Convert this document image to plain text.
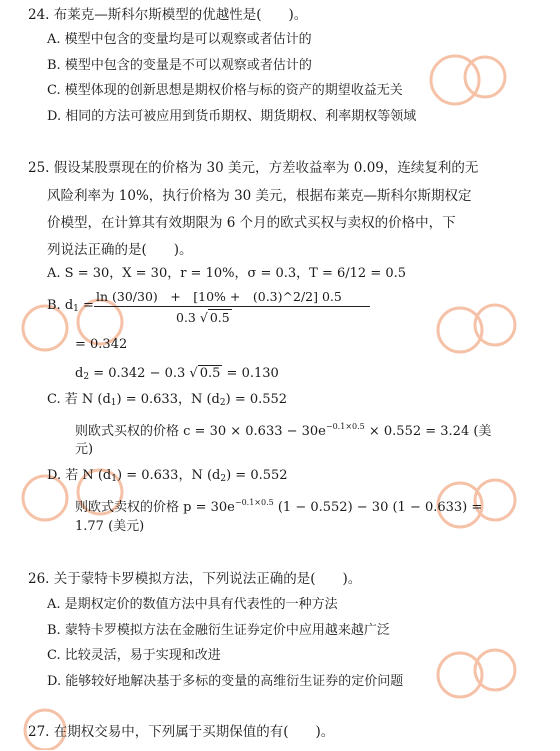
24. 布莱克—斯科尔斯模型的优越性是(　　)。
A. 模型中包含的变量均是可以观察或者估计的
B. 模型中包含的变量是不可以观察或者估计的
C. 模型体现的创新思想是期权价格与标的资产的期望收益无关
D. 相同的方法可被应用到货币期权、期货期权、利率期权等领域
25. 假设某股票现在的价格为 30 美元，方差收益率为 0.09，连续复利的无
风险利率为 10%，执行价格为 30 美元，根据布莱克—斯科尔斯期权定
价模型，在计算其有效期限为 6 个月的欧式买权与卖权的价格中，下
列说法正确的是(　　)。
A. S = 30，X = 30，r = 10%，σ = 0.3，T = 6/12 = 0.5
B. $d_1$ =
ln (30/30)　+　[10% +　(0.3)^2/2] 0.5
0.3 √ 0.5
= 0.342
$d_2 = 0.342 - 0.3$ √ 0.5 = 0.130
C. 若 N $(d_1) = 0.633$，N $(d_2) = 0.552$
则欧式买权的价格 $c = 30 \times 0.633 - 30e^{-0.1\times 0.5} \times 0.552 = 3.24$ (美
元)
D. 若 N $(d_1) = 0.633$，N $(d_2) = 0.552$
则欧式卖权的价格 $p = 30e^{-0.1\times 0.5}$ (1 − 0.552) − 30 (1 − 0.633) =
1.77 (美元)
26. 关于蒙特卡罗模拟方法，下列说法正确的是(　　)。
A. 是期权定价的数值方法中具有代表性的一种方法
B. 蒙特卡罗模拟方法在金融衍生证券定价中应用越来越广泛
C. 比较灵活，易于实现和改进
D. 能够较好地解决基于多标的变量的高维衍生证券的定价问题
27. 在期权交易中，下列属于买期保值的有(　　)。
